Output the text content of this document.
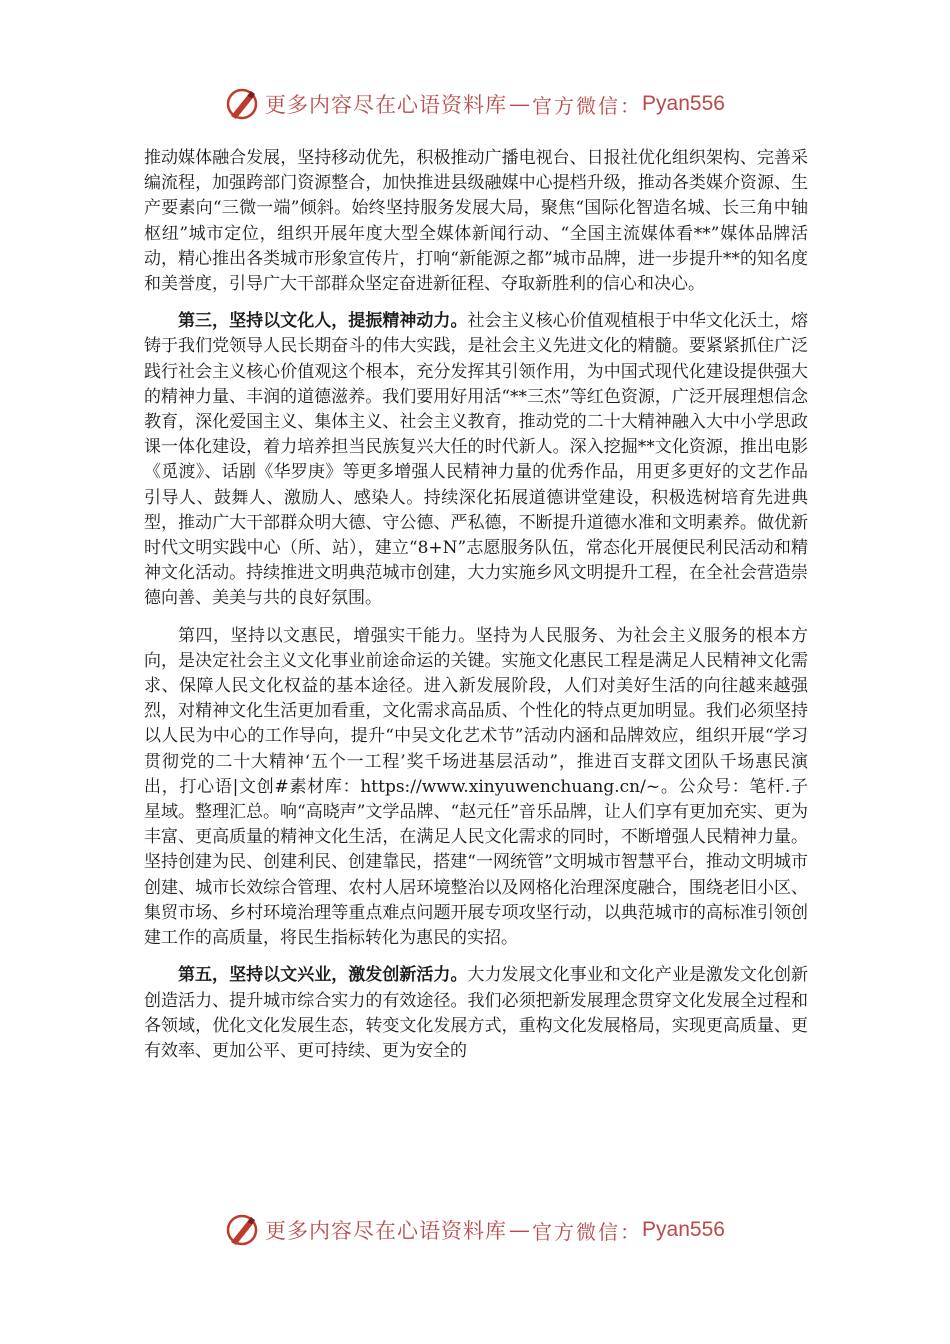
更多内容尽在心语资料库 — 官方微信： Pyan556

推动媒体融合发展，坚持移动优先，积极推动广播电视台、日报社优化组织架构、完善采编流程，加强跨部门资源整合，加快推进县级融媒中心提档升级，推动各类媒介资源、生产要素向“三微一端”倾斜。始终坚持服务发展大局，聚焦“国际化智造名城、长三角中轴枢纽”城市定位，组织开展年度大型全媒体新闻行动、“全国主流媒体看**”媒体品牌活动，精心推出各类城市形象宣传片，打响“新能源之都”城市品牌，进一步提升**的知名度和美誉度，引导广大干部群众坚定奋进新征程、夺取新胜利的信心和决心。

第三，坚持以文化人，提振精神动力。社会主义核心价值观植根于中华文化沃土，熔铸于我们党领导人民长期奋斗的伟大实践，是社会主义先进文化的精髓。要紧紧抓住广泛践行社会主义核心价值观这个根本，充分发挥其引领作用，为中国式现代化建设提供强大的精神力量、丰润的道德滋养。我们要用好用活“**三杰”等红色资源，广泛开展理想信念教育，深化爱国主义、集体主义、社会主义教育，推动党的二十大精神融入大中小学思政课一体化建设，着力培养担当民族复兴大任的时代新人。深入挖掘**文化资源，推出电影《觅渡》、话剧《华罗庚》等更多增强人民精神力量的优秀作品，用更多更好的文艺作品引导人、鼓舞人、激励人、感染人。持续深化拓展道德讲堂建设，积极选树培育先进典型，推动广大干部群众明大德、守公德、严私德，不断提升道德水准和文明素养。做优新时代文明实践中心（所、站），建立“8+N”志愿服务队伍，常态化开展便民利民活动和精神文化活动。持续推进文明典范城市创建，大力实施乡风文明提升工程，在全社会营造崇德向善、美美与共的良好氛围。

第四，坚持以文惠民，增强实干能力。坚持为人民服务、为社会主义服务的根本方向，是决定社会主义文化事业前途命运的关键。实施文化惠民工程是满足人民精神文化需求、保障人民文化权益的基本途径。进入新发展阶段，人们对美好生活的向往越来越强烈，对精神文化生活更加看重，文化需求高品质、个性化的特点更加明显。我们必须坚持以人民为中心的工作导向，提升“中吴文化艺术节”活动内涵和品牌效应，组织开展“学习贯彻党的二十大精神‘五个一工程’奖千场进基层活动”，推进百支群文团队千场惠民演出，打心语|文创#素材库：https://www.xinyuwenchuang.cn/~。公众号：笔杆.子星域。整理汇总。响“高晓声”文学品牌、“赵元任”音乐品牌，让人们享有更加充实、更为丰富、更高质量的精神文化生活，在满足人民文化需求的同时，不断增强人民精神力量。坚持创建为民、创建利民、创建靠民，搭建“一网统管”文明城市智慧平台，推动文明城市创建、城市长效综合管理、农村人居环境整治以及网格化治理深度融合，围绕老旧小区、集贸市场、乡村环境治理等重点难点问题开展专项攻坚行动，以典范城市的高标准引领创建工作的高质量，将民生指标转化为惠民的实招。

第五，坚持以文兴业，激发创新活力。大力发展文化事业和文化产业是激发文化创新创造活力、提升城市综合实力的有效途径。我们必须把新发展理念贯穿文化发展全过程和各领域，优化文化发展生态，转变文化发展方式，重构文化发展格局，实现更高质量、更有效率、更加公平、更可持续、更为安全的

更多内容尽在心语资料库 — 官方微信： Pyan556
